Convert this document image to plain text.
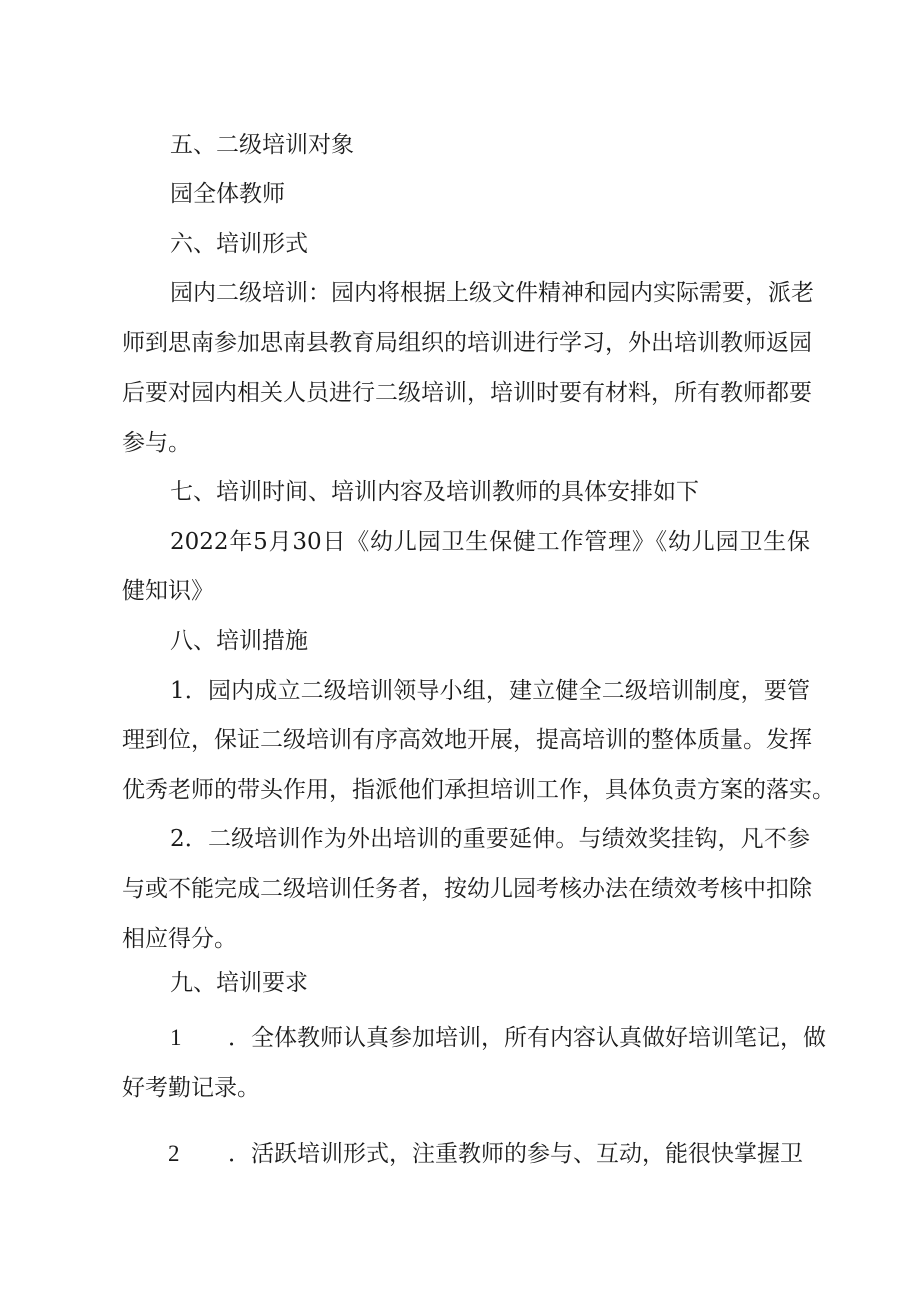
五、二级培训对象
园全体教师
六、培训形式
园内二级培训：园内将根据上级文件精神和园内实际需要，派老
师到思南参加思南县教育局组织的培训进行学习，外出培训教师返园
后要对园内相关人员进行二级培训，培训时要有材料，所有教师都要
参与。
七、培训时间、培训内容及培训教师的具体安排如下
2022年5月30日《幼儿园卫生保健工作管理》《幼儿园卫生保
健知识》
八、培训措施
1．园内成立二级培训领导小组，建立健全二级培训制度，要管
理到位，保证二级培训有序高效地开展，提高培训的整体质量。发挥
优秀老师的带头作用，指派他们承担培训工作，具体负责方案的落实。
2．二级培训作为外出培训的重要延伸。与绩效奖挂钩，凡不参
与或不能完成二级培训任务者，按幼儿园考核办法在绩效考核中扣除
相应得分。
九、培训要求
1 ．全体教师认真参加培训，所有内容认真做好培训笔记，做
好考勤记录。
2 ．活跃培训形式，注重教师的参与、互动，能很快掌握卫
